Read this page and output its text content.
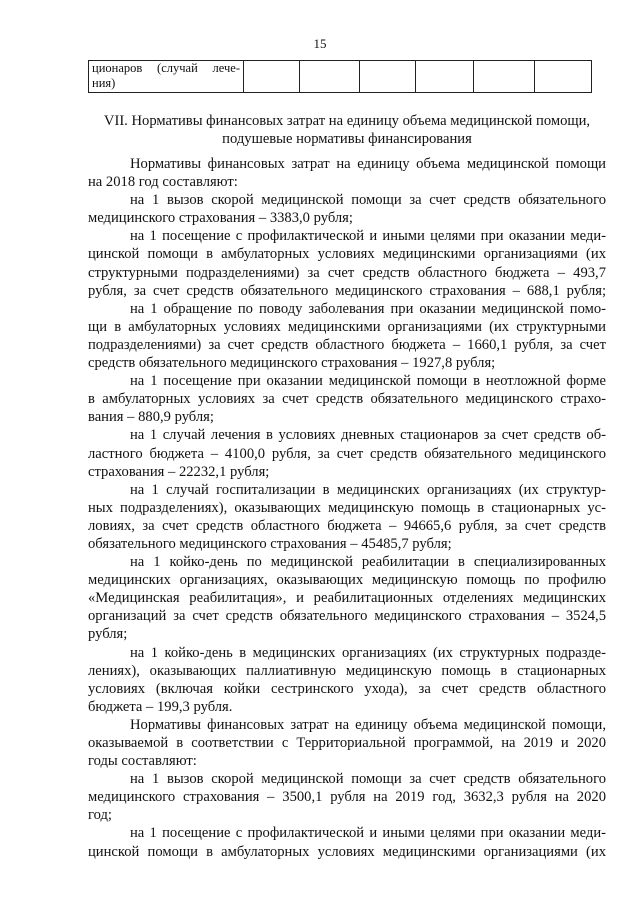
15
ционаров (случай лече-
ния)

VII. Нормативы финансовых затрат на единицу объема медицинской помощи,
подушевые нормативы финансирования
Нормативы финансовых затрат на единицу объема медицинской помощи
на 2018 год составляют:
на 1 вызов скорой медицинской помощи за счет средств обязательного
медицинского страхования – 3383,0 рубля;
на 1 посещение с профилактической и иными целями при оказании меди-
цинской помощи в амбулаторных условиях медицинскими организациями (их
структурными подразделениями) за счет средств областного бюджета – 493,7
рубля, за счет средств обязательного медицинского страхования – 688,1 рубля;
на 1 обращение по поводу заболевания при оказании медицинской помо-
щи в амбулаторных условиях медицинскими организациями (их структурными
подразделениями) за счет средств областного бюджета – 1660,1 рубля, за счет
средств обязательного медицинского страхования – 1927,8 рубля;
на 1 посещение при оказании медицинской помощи в неотложной форме
в амбулаторных условиях за счет средств обязательного медицинского страхо-
вания – 880,9 рубля;
на 1 случай лечения в условиях дневных стационаров за счет средств об-
ластного бюджета – 4100,0 рубля, за счет средств обязательного медицинского
страхования – 22232,1 рубля;
на 1 случай госпитализации в медицинских организациях (их структур-
ных подразделениях), оказывающих медицинскую помощь в стационарных ус-
ловиях, за счет средств областного бюджета – 94665,6 рубля, за счет средств
обязательного медицинского страхования – 45485,7 рубля;
на 1 койко-день по медицинской реабилитации в специализированных
медицинских организациях, оказывающих медицинскую помощь по профилю
«Медицинская реабилитация», и реабилитационных отделениях медицинских
организаций за счет средств обязательного медицинского страхования – 3524,5
рубля;
на 1 койко-день в медицинских организациях (их структурных подразде-
лениях), оказывающих паллиативную медицинскую помощь в стационарных
условиях (включая койки сестринского ухода), за счет средств областного
бюджета – 199,3 рубля.
Нормативы финансовых затрат на единицу объема медицинской помощи,
оказываемой в соответствии с Территориальной программой, на 2019 и 2020
годы составляют:
на 1 вызов скорой медицинской помощи за счет средств обязательного
медицинского страхования – 3500,1 рубля на 2019 год, 3632,3 рубля на 2020
год;
на 1 посещение с профилактической и иными целями при оказании меди-
цинской помощи в амбулаторных условиях медицинскими организациями (их
